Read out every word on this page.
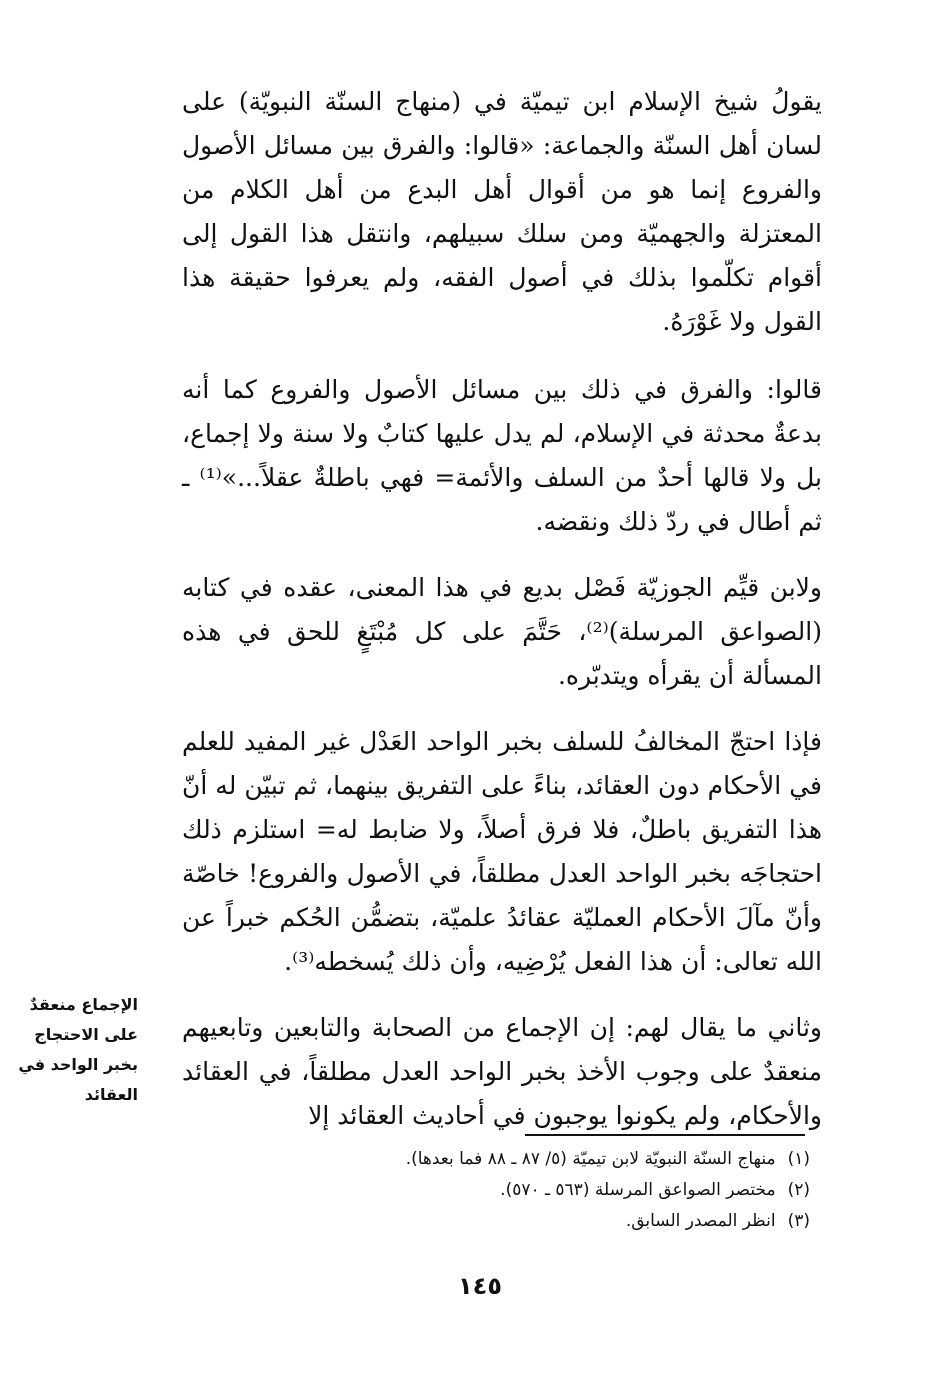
يقولُ شيخ الإسلام ابن تيميّة في (منهاج السنّة النبويّة) على لسان أهل السنّة والجماعة: «قالوا: والفرق بين مسائل الأصول والفروع إنما هو من أقوال أهل البدع من أهل الكلام من المعتزلة والجهميّة ومن سلك سبيلهم، وانتقل هذا القول إلى أقوام تكلّموا بذلك في أصول الفقه، ولم يعرفوا حقيقة هذا القول ولا غَوْرَهُ.

قالوا: والفرق في ذلك بين مسائل الأصول والفروع كما أنه بدعةٌ محدثة في الإسلام، لم يدل عليها كتابٌ ولا سنة ولا إجماع، بل ولا قالها أحدٌ من السلف والأئمة= فهي باطلةٌ عقلاً...»⁽¹⁾ ـ ثم أطال في ردّ ذلك ونقضه.

ولابن قيِّم الجوزيّة فَصْل بديع في هذا المعنى، عقده في كتابه (الصواعق المرسلة)⁽²⁾، حَتَّمَ على كل مُبْتَغٍ للحق في هذه المسألة أن يقرأه ويتدبّره.

فإذا احتجّ المخالفُ للسلف بخبر الواحد العَدْل غير المفيد للعلم في الأحكام دون العقائد، بناءً على التفريق بينهما، ثم تبيّن له أنّ هذا التفريق باطلٌ، فلا فرق أصلاً، ولا ضابط له= استلزم ذلك احتجاجَه بخبر الواحد العدل مطلقاً، في الأصول والفروع! خاصّة وأنّ مآلَ الأحكام العمليّة عقائدُ علميّة، بتضمُّن الحُكم خبراً عن الله تعالى: أن هذا الفعل يُرْضِيه، وأن ذلك يُسخطه⁽³⁾.

وثاني ما يقال لهم: إن الإجماع من الصحابة والتابعين وتابعيهم منعقدٌ على وجوب الأخذ بخبر الواحد العدل مطلقاً، في العقائد والأحكام، ولم يكونوا يوجبون في أحاديث العقائد إلا

الإجماع منعقدٌ على الاحتجاج بخبر الواحد في العقائد
(١)
منهاج السنّة النبويّة لابن تيميّة (٥/ ٨٧ ـ ٨٨ فما بعدها).
(٢)
مختصر الصواعق المرسلة (٥٦٣ ـ ٥٧٠).
(٣)
انظر المصدر السابق.
١٤٥
